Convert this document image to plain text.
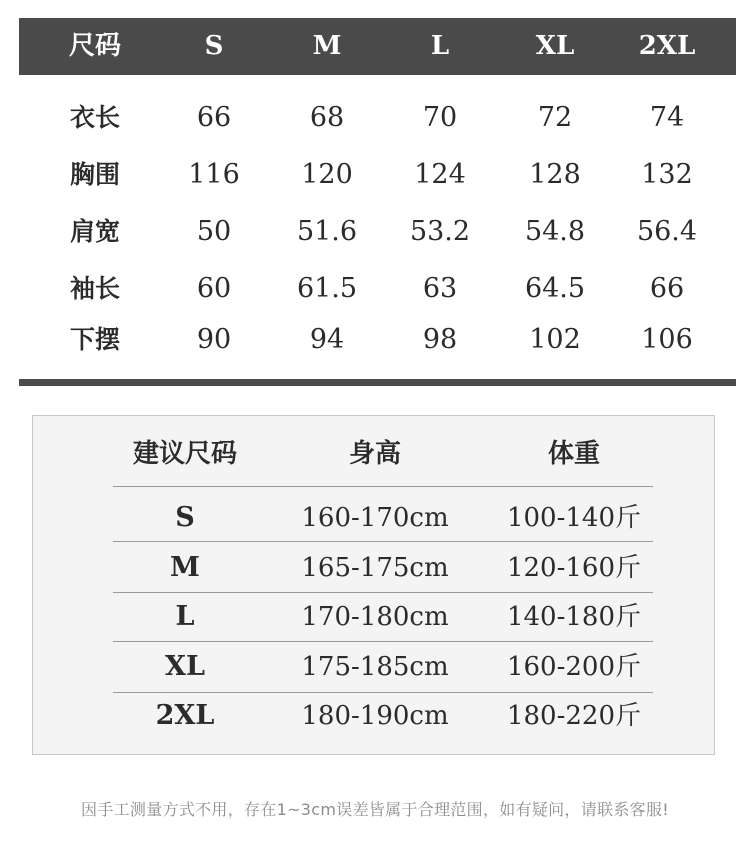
尺码	S	M	L	XL	2XL
衣长	66	68	70	72	74
胸围	116	120	124	128	132
肩宽	50	51.6	53.2	54.8	56.4
袖长	60	61.5	63	64.5	66
下摆	90	94	98	102	106
建议尺码	身高	体重
S	160-170cm	100-140斤
M	165-175cm	120-160斤
L	170-180cm	140-180斤
XL	175-185cm	160-200斤
2XL	180-190cm	180-220斤
因手工测量方式不用，存在1~3cm误差皆属于合理范围，如有疑问，请联系客服!
